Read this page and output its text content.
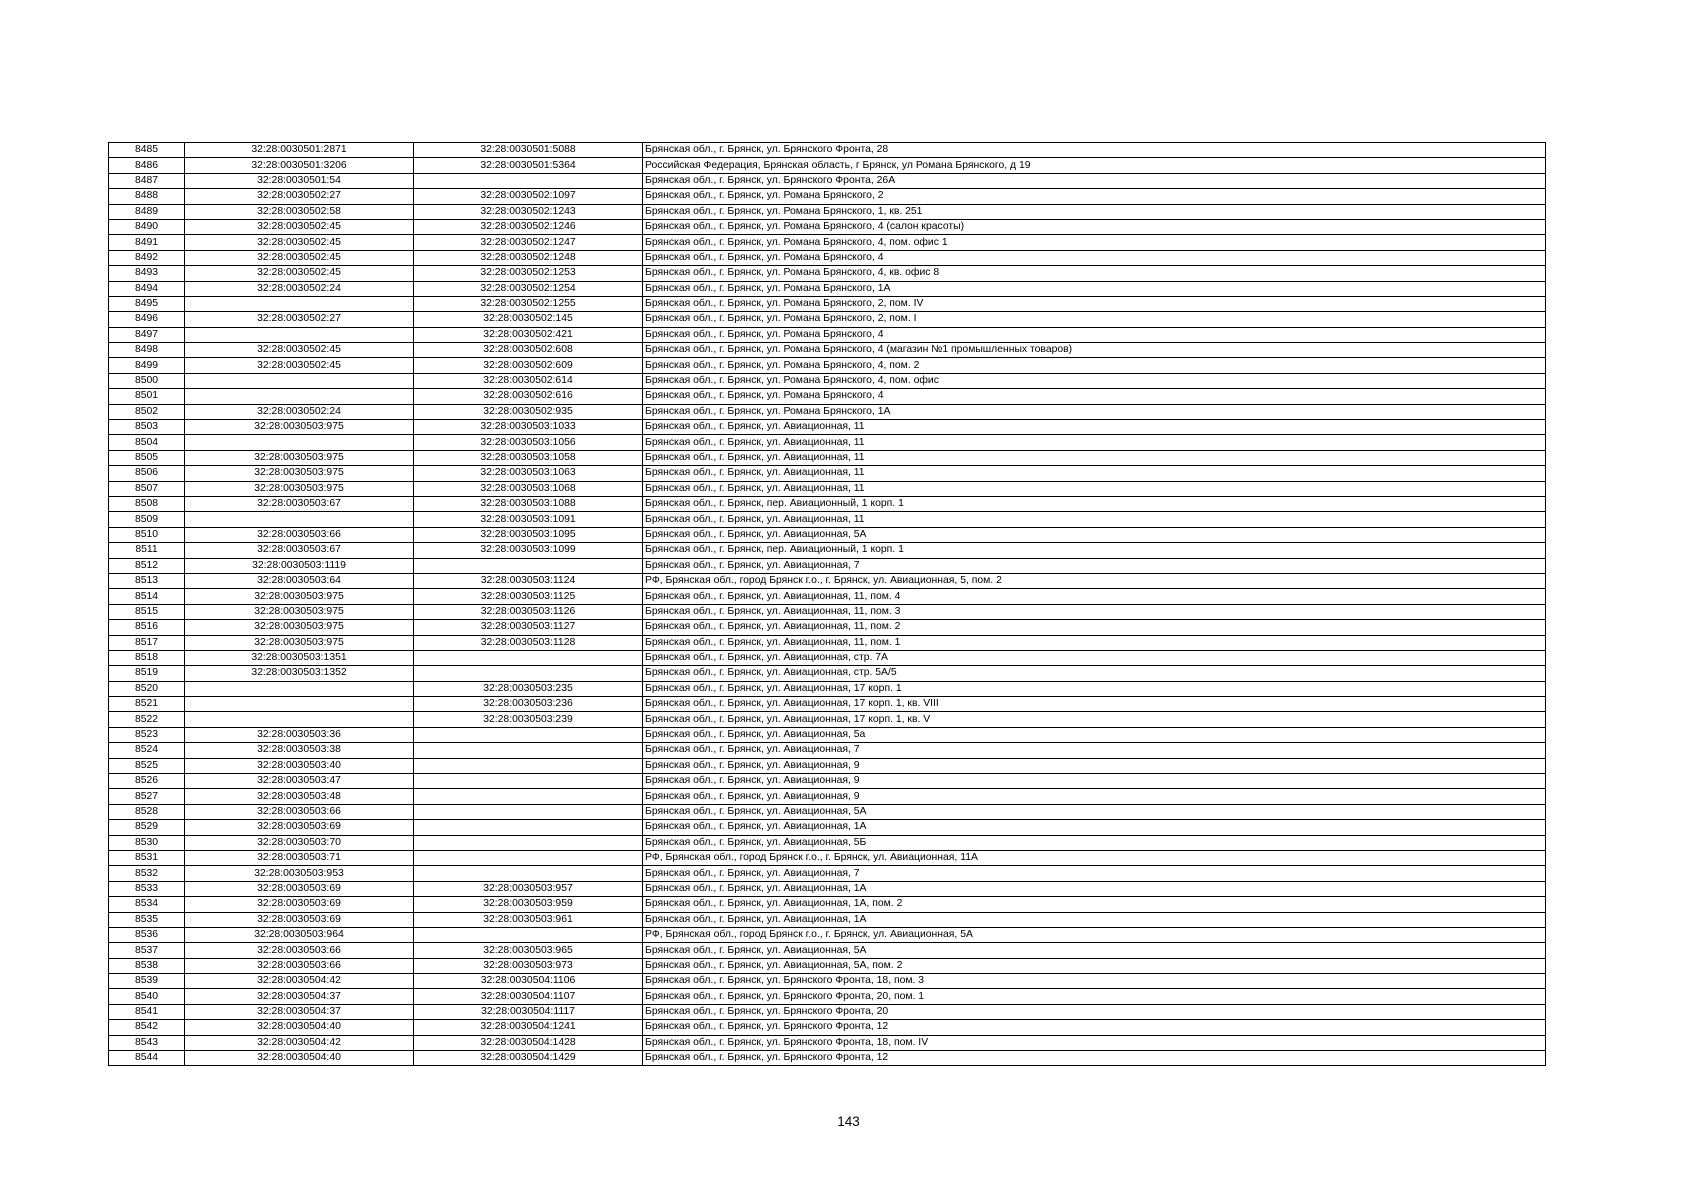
8485	32:28:0030501:2871	32:28:0030501:5088	Брянская обл., г. Брянск, ул. Брянского Фронта, 28
8486	32:28:0030501:3206	32:28:0030501:5364	Российская Федерация, Брянская область, г Брянск, ул Романа Брянского, д 19
8487	32:28:0030501:54		Брянская обл., г. Брянск, ул. Брянского Фронта, 26А
8488	32:28:0030502:27	32:28:0030502:1097	Брянская обл., г. Брянск, ул. Романа Брянского, 2
8489	32:28:0030502:58	32:28:0030502:1243	Брянская обл., г. Брянск, ул. Романа Брянского, 1, кв. 251
8490	32:28:0030502:45	32:28:0030502:1246	Брянская обл., г. Брянск, ул. Романа Брянского, 4 (салон красоты)
8491	32:28:0030502:45	32:28:0030502:1247	Брянская обл., г. Брянск, ул. Романа Брянского, 4, пом. офис 1
8492	32:28:0030502:45	32:28:0030502:1248	Брянская обл., г. Брянск, ул. Романа Брянского, 4
8493	32:28:0030502:45	32:28:0030502:1253	Брянская обл., г. Брянск, ул. Романа Брянского, 4, кв. офис 8
8494	32:28:0030502:24	32:28:0030502:1254	Брянская обл., г. Брянск, ул. Романа Брянского, 1А
8495		32:28:0030502:1255	Брянская обл., г. Брянск, ул. Романа Брянского, 2, пом. IV
8496	32:28:0030502:27	32:28:0030502:145	Брянская обл., г. Брянск, ул. Романа Брянского, 2, пом. I
8497		32:28:0030502:421	Брянская обл., г. Брянск, ул. Романа Брянского, 4
8498	32:28:0030502:45	32:28:0030502:608	Брянская обл., г. Брянск, ул. Романа Брянского, 4 (магазин №1 промышленных товаров)
8499	32:28:0030502:45	32:28:0030502:609	Брянская обл., г. Брянск, ул. Романа Брянского, 4, пом. 2
8500		32:28:0030502:614	Брянская обл., г. Брянск, ул. Романа Брянского, 4, пом. офис
8501		32:28:0030502:616	Брянская обл., г. Брянск, ул. Романа Брянского, 4
8502	32:28:0030502:24	32:28:0030502:935	Брянская обл., г. Брянск, ул. Романа Брянского, 1А
8503	32:28:0030503:975	32:28:0030503:1033	Брянская обл., г. Брянск, ул. Авиационная, 11
8504		32:28:0030503:1056	Брянская обл., г. Брянск, ул. Авиационная, 11
8505	32:28:0030503:975	32:28:0030503:1058	Брянская обл., г. Брянск, ул. Авиационная, 11
8506	32:28:0030503:975	32:28:0030503:1063	Брянская обл., г. Брянск, ул. Авиационная, 11
8507	32:28:0030503:975	32:28:0030503:1068	Брянская обл., г. Брянск, ул. Авиационная, 11
8508	32:28:0030503:67	32:28:0030503:1088	Брянская обл., г. Брянск, пер. Авиационный, 1 корп. 1
8509		32:28:0030503:1091	Брянская обл., г. Брянск, ул. Авиационная, 11
8510	32:28:0030503:66	32:28:0030503:1095	Брянская обл., г. Брянск, ул. Авиационная, 5А
8511	32:28:0030503:67	32:28:0030503:1099	Брянская обл., г. Брянск, пер. Авиационный, 1 корп. 1
8512	32:28:0030503:1119		Брянская обл., г. Брянск, ул. Авиационная, 7
8513	32:28:0030503:64	32:28:0030503:1124	РФ, Брянская обл., город Брянск г.о., г. Брянск, ул. Авиационная, 5, пом. 2
8514	32:28:0030503:975	32:28:0030503:1125	Брянская обл., г. Брянск, ул. Авиационная, 11, пом. 4
8515	32:28:0030503:975	32:28:0030503:1126	Брянская обл., г. Брянск, ул. Авиационная, 11, пом. 3
8516	32:28:0030503:975	32:28:0030503:1127	Брянская обл., г. Брянск, ул. Авиационная, 11, пом. 2
8517	32:28:0030503:975	32:28:0030503:1128	Брянская обл., г. Брянск, ул. Авиационная, 11, пом. 1
8518	32:28:0030503:1351		Брянская обл., г. Брянск, ул. Авиационная, стр. 7А
8519	32:28:0030503:1352		Брянская обл., г. Брянск, ул. Авиационная, стр. 5А/5
8520		32:28:0030503:235	Брянская обл., г. Брянск, ул. Авиационная, 17 корп. 1
8521		32:28:0030503:236	Брянская обл., г. Брянск, ул. Авиационная, 17 корп. 1, кв. VIII
8522		32:28:0030503:239	Брянская обл., г. Брянск, ул. Авиационная, 17 корп. 1, кв. V
8523	32:28:0030503:36		Брянская обл., г. Брянск, ул. Авиационная, 5а
8524	32:28:0030503:38		Брянская обл., г. Брянск, ул. Авиационная, 7
8525	32:28:0030503:40		Брянская обл., г. Брянск, ул. Авиационная, 9
8526	32:28:0030503:47		Брянская обл., г. Брянск, ул. Авиационная, 9
8527	32:28:0030503:48		Брянская обл., г. Брянск, ул. Авиационная, 9
8528	32:28:0030503:66		Брянская обл., г. Брянск, ул. Авиационная, 5А
8529	32:28:0030503:69		Брянская обл., г. Брянск, ул. Авиационная, 1А
8530	32:28:0030503:70		Брянская обл., г. Брянск, ул. Авиационная, 5Б
8531	32:28:0030503:71		РФ, Брянская обл., город Брянск г.о., г. Брянск, ул. Авиационная, 11А
8532	32:28:0030503:953		Брянская обл., г. Брянск, ул. Авиационная, 7
8533	32:28:0030503:69	32:28:0030503:957	Брянская обл., г. Брянск, ул. Авиационная, 1А
8534	32:28:0030503:69	32:28:0030503:959	Брянская обл., г. Брянск, ул. Авиационная, 1А, пом. 2
8535	32:28:0030503:69	32:28:0030503:961	Брянская обл., г. Брянск, ул. Авиационная, 1А
8536	32:28:0030503:964		РФ, Брянская обл., город Брянск г.о., г. Брянск, ул. Авиационная, 5А
8537	32:28:0030503:66	32:28:0030503:965	Брянская обл., г. Брянск, ул. Авиационная, 5А
8538	32:28:0030503:66	32:28:0030503:973	Брянская обл., г. Брянск, ул. Авиационная, 5А, пом. 2
8539	32:28:0030504:42	32:28:0030504:1106	Брянская обл., г. Брянск, ул. Брянского Фронта, 18, пом. 3
8540	32:28:0030504:37	32:28:0030504:1107	Брянская обл., г. Брянск, ул. Брянского Фронта, 20, пом. 1
8541	32:28:0030504:37	32:28:0030504:1117	Брянская обл., г. Брянск, ул. Брянского Фронта, 20
8542	32:28:0030504:40	32:28:0030504:1241	Брянская обл., г. Брянск, ул. Брянского Фронта, 12
8543	32:28:0030504:42	32:28:0030504:1428	Брянская обл., г. Брянск, ул. Брянского Фронта, 18, пом. IV
8544	32:28:0030504:40	32:28:0030504:1429	Брянская обл., г. Брянск, ул. Брянского Фронта, 12
143
